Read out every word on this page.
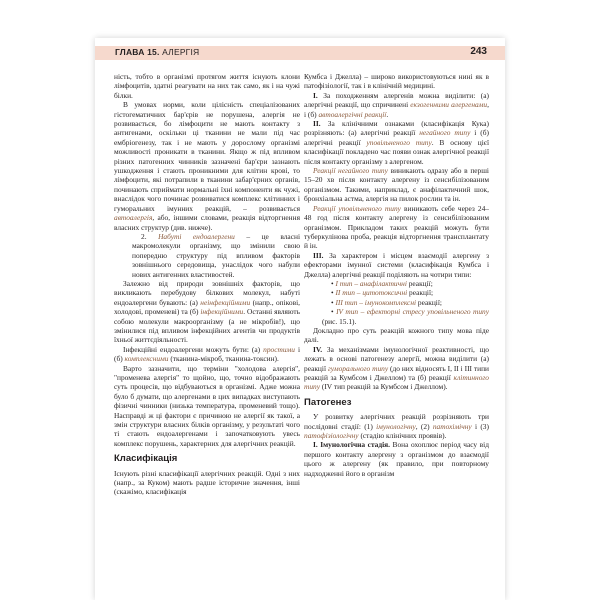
ГЛАВА 15. АЛЕРГІЯ	243

ність, тобто в організмі протягом життя існують клони лімфоцитів, здатні реагувати на них так само, як і на чужі білки.

В умовах норми, коли цілісність спеціалізованих гістогематичних бар'єрів не порушена, алергія не розвивається, бо лімфоцити не мають контакту з антигенами, оскільки ці тканини не мали під час ембріогенезу, так і не мають у дорослому організмі можливості проникати в тканини. Якщо ж під впливом різних патогенних чинників зазначені бар'єри зазнають ушкодження і стають проникними для клітин крові, то лімфоцити, які потрапили в тканини забар'єрних органів, починають сприймати нормальні їхні компоненти як чужі, внаслідок чого починає розвиватися комплекс клітинних і гуморальних імунних реакцій, – розвивається автоалергія, або, іншими словами, реакція відторгнення власних структур (див. нижче).

2. Набуті ендоалергени – це власні макромолекули організму, що змінили свою попередню структуру під впливом факторів зовнішнього середовища, унаслідок чого набули нових антигенних властивостей.

Залежно від природи зовнішніх факторів, що викликають перебудову білкових молекул, набуті ендоалергени бувають: (а) неінфекційними (напр., опікові, холодові, променеві) та (б) інфекційними. Останні являють собою молекули макроорганізму (а не мікробів!), що змінилися під впливом інфекційних агентів чи продуктів їхньої життєдіяльності.

Інфекційні ендоалергени можуть бути: (а) простими і (б) комплексними (тканина-мікроб, тканина-токсин).

Варто зазначити, що терміни "холодова алергія", "променева алергія" то щойно, що, точно відображають суть процесів, що відбуваються в організмі. Адже можна було б думати, що алергенами в цих випадках виступають фізичні чинники (низька температура, променевий тощо). Насправді ж ці фактори є причиною не алергії як такої, а змін структури власних білків організму, у результаті чого ті стають ендоалергенами і започатковують увесь комплекс порушень, характерних для алергічних реакцій.

Класифікація

Існують різні класифікації алергічних реакцій. Одні з них (напр., за Куком) мають радше історичне значення, інші (скажімо, класифікація

Кумбса і Джелла) – широко використовуються нині як в патофізіології, так і в клінічній медицині.

I. За походженням алергенів можна виділити: (а) алергічні реакції, що спричинені екзогенними алергенами, і (б) автоалергічні реакції.

II. За клінічними ознаками (класифікація Кука) розрізняють: (а) алергічні реакції негайного типу і (б) алергічні реакції уповільненого типу. В основу цієї класифікації покладено час появи ознак алергічної реакції після контакту організму з алергеном.

Реакції негайного типу виникають одразу або в перші 15–20 хв після контакту алергену із сенсибілізованим організмом. Такими, наприклад, є анафілактичний шок, бронхіальна астма, алергія на пилок рослин та ін.

Реакції уповільненого типу виникають себе через 24–48 год після контакту алергену із сенсибілізованим організмом. Прикладом таких реакцій можуть бути туберкулінова проба, реакція відторгнення трансплантату й ін.

III. За характером і місцем взаємодії алергену з ефекторами імунної системи (класифікація Кумбса і Джелла) алергічні реакції поділяють на чотири типи:

• I тип – анафілактичні реакції;

• II тип – цитотоксичні реакції;

• III тип – імунокомплексні реакції;

• IV тип – ефекторні стресу уповільненого типу (рис. 15.1).

Докладно про суть реакцій кожного типу мова піде далі.

IV. За механізмами імунологічної реактивності, що лежать в основі патогенезу алергії, можна виділити (а) реакції гуморального типу (до них відносять I, II і III типи реакцій за Кумбсом і Джеллом) та (б) реакції клітинного типу (IV тип реакцій за Кумбсом і Джеллом).

Патогенез

У розвитку алергічних реакцій розрізняють три послідовні стадії: (1) імунологічну, (2) патохімічну і (3) патофізіологічну (стадію клінічних проявів).

I. Імунологічна стадія. Вона охоплює період часу від першого контакту алергену з організмом до взаємодії цього ж алергену (як правило, при повторному надходженні його в організм
